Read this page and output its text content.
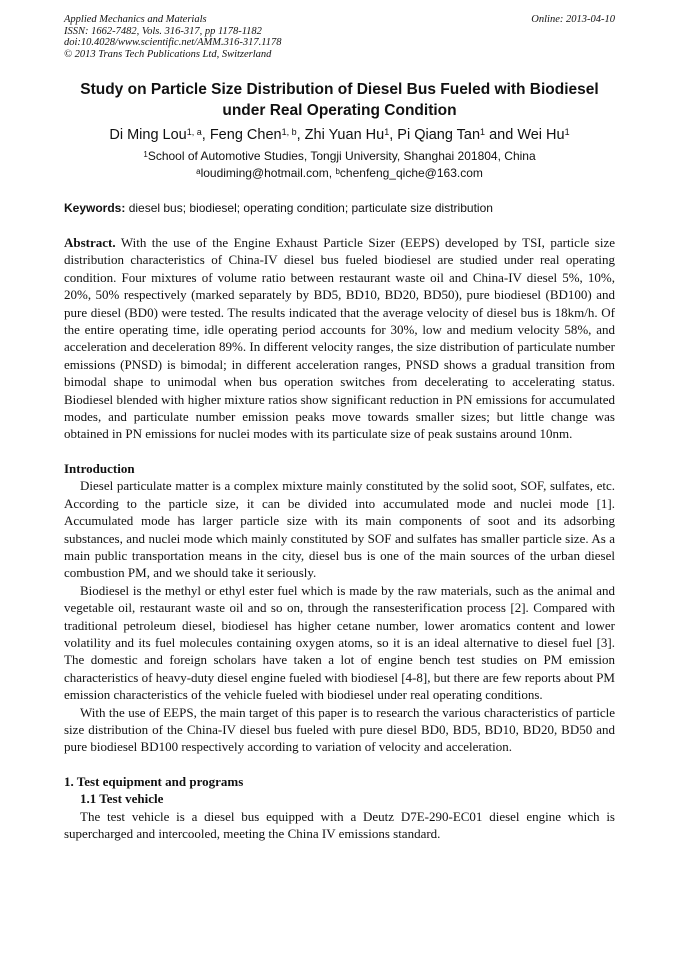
Applied Mechanics and Materials
ISSN: 1662-7482, Vols. 316-317, pp 1178-1182
doi:10.4028/www.scientific.net/AMM.316-317.1178
© 2013 Trans Tech Publications Ltd, Switzerland
Online: 2013-04-10
Study on Particle Size Distribution of Diesel Bus Fueled with Biodiesel
under Real Operating Condition
Di Ming Lou$^{1, a}$, Feng Chen$^{1, b}$, Zhi Yuan Hu$^1$, Pi Qiang Tan$^1$ and Wei Hu$^1$
$^1$School of Automotive Studies, Tongji University, Shanghai 201804, China
$^a$loudiming@hotmail.com, $^b$chenfeng_qiche@163.com
Keywords: diesel bus; biodiesel; operating condition; particulate size distribution
Abstract. With the use of the Engine Exhaust Particle Sizer (EEPS) developed by TSI, particle size distribution characteristics of China-IV diesel bus fueled biodiesel are studied under real operating condition. Four mixtures of volume ratio between restaurant waste oil and China-IV diesel 5%, 10%, 20%, 50% respectively (marked separately by BD5, BD10, BD20, BD50), pure biodiesel (BD100) and pure diesel (BD0) were tested. The results indicated that the average velocity of diesel bus is 18km/h. Of the entire operating time, idle operating period accounts for 30%, low and medium velocity 58%, and acceleration and deceleration 89%. In different velocity ranges, the size distribution of particulate number emissions (PNSD) is bimodal; in different acceleration ranges, PNSD shows a gradual transition from bimodal shape to unimodal when bus operation switches from decelerating to accelerating status. Biodiesel blended with higher mixture ratios show significant reduction in PN emissions for accumulated modes, and particulate number emission peaks move towards smaller sizes; but little change was obtained in PN emissions for nuclei modes with its particulate size of peak sustains around 10nm.
Introduction

Diesel particulate matter is a complex mixture mainly constituted by the solid soot, SOF, sulfates, etc. According to the particle size, it can be divided into accumulated mode and nuclei mode [1]. Accumulated mode has larger particle size with its main components of soot and its adsorbing substances, and nuclei mode which mainly constituted by SOF and sulfates has smaller particle size. As a main public transportation means in the city, diesel bus is one of the main sources of the urban diesel combustion PM, and we should take it seriously.

Biodiesel is the methyl or ethyl ester fuel which is made by the raw materials, such as the animal and vegetable oil, restaurant waste oil and so on, through the ransesterification process [2]. Compared with traditional petroleum diesel, biodiesel has higher cetane number, lower aromatics content and lower volatility and its fuel molecules containing oxygen atoms, so it is an ideal alternative to diesel fuel [3]. The domestic and foreign scholars have taken a lot of engine bench test studies on PM emission characteristics of heavy-duty diesel engine fueled with biodiesel [4-8], but there are few reports about PM emission characteristics of the vehicle fueled with biodiesel under real operating conditions.

With the use of EEPS, the main target of this paper is to research the various characteristics of particle size distribution of the China-IV diesel bus fueled with pure diesel BD0, BD5, BD10, BD20, BD50 and pure biodiesel BD100 respectively according to variation of velocity and acceleration.

1. Test equipment and programs
1.1 Test vehicle

The test vehicle is a diesel bus equipped with a Deutz D7E-290-EC01 diesel engine which is supercharged and intercooled, meeting the China IV emissions standard.
